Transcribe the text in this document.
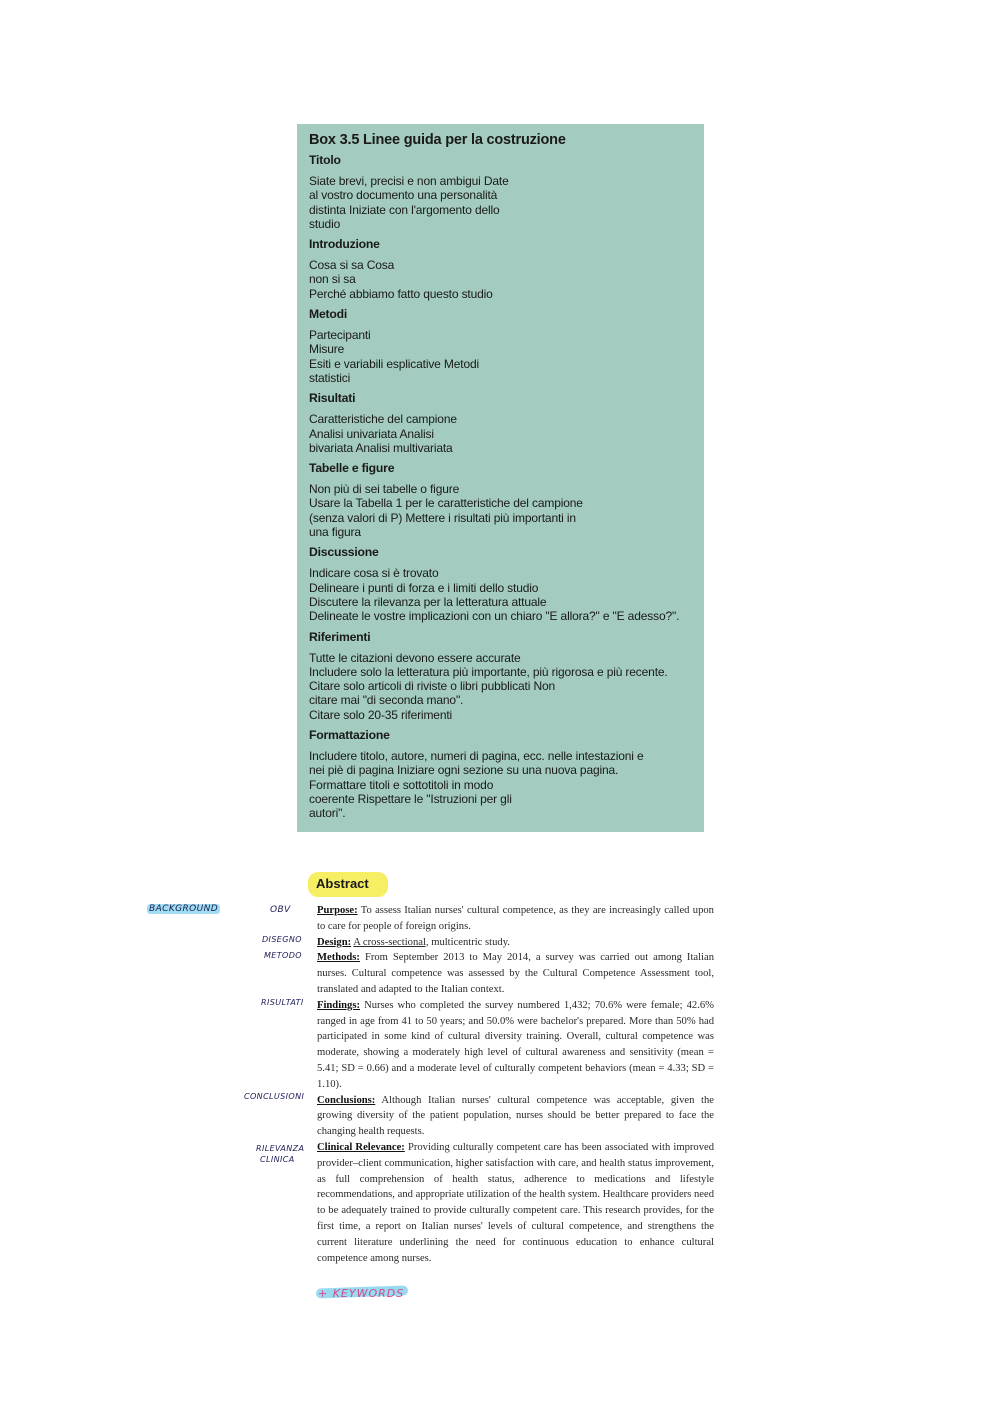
Box 3.5 Linee guida per la costruzione
Titolo
Siate brevi, precisi e non ambigui Date
al vostro documento una personalità
distinta Iniziate con l'argomento dello
studio
Introduzione
Cosa si sa Cosa
non si sa
Perché abbiamo fatto questo studio
Metodi
Partecipanti
Misure
Esiti e variabili esplicative Metodi
statistici
Risultati
Caratteristiche del campione
Analisi univariata Analisi
bivariata Analisi multivariata
Tabelle e figure
Non più di sei tabelle o figure
Usare la Tabella 1 per le caratteristiche del campione
(senza valori di P) Mettere i risultati più importanti in
una figura
Discussione
Indicare cosa si è trovato
Delineare i punti di forza e i limiti dello studio
Discutere la rilevanza per la letteratura attuale
Delineate le vostre implicazioni con un chiaro "E allora?" e "E adesso?".
Riferimenti
Tutte le citazioni devono essere accurate
Includere solo la letteratura più importante, più rigorosa e più recente.
Citare solo articoli di riviste o libri pubblicati Non
citare mai "di seconda mano".
Citare solo 20-35 riferimenti
Formattazione
Includere titolo, autore, numeri di pagina, ecc. nelle intestazioni e
nei piè di pagina Iniziare ogni sezione su una nuova pagina.
Formattare titoli e sottotitoli in modo
coerente Rispettare le "Istruzioni per gli
autori".
Abstract

Purpose: To assess Italian nurses' cultural competence, as they are increasingly called upon to care for people of foreign origins.

Design: A cross-sectional, multicentric study.

Methods: From September 2013 to May 2014, a survey was carried out among Italian nurses. Cultural competence was assessed by the Cultural Competence Assessment tool, translated and adapted to the Italian context.

Findings: Nurses who completed the survey numbered 1,432; 70.6% were female; 42.6% ranged in age from 41 to 50 years; and 50.0% were bachelor's prepared. More than 50% had participated in some kind of cultural diversity training. Overall, cultural competence was moderate, showing a moderately high level of cultural awareness and sensitivity (mean = 5.41; SD = 0.66) and a moderate level of culturally competent behaviors (mean = 4.33; SD = 1.10).

Conclusions: Although Italian nurses' cultural competence was acceptable, given the growing diversity of the patient population, nurses should be better prepared to face the changing health requests.

Clinical Relevance: Providing culturally competent care has been associated with improved provider–client communication, higher satisfaction with care, and health status improvement, as full comprehension of health status, adherence to medications and lifestyle recommendations, and appropriate utilization of the health system. Healthcare providers need to be adequately trained to provide culturally competent care. This research provides, for the first time, a report on Italian nurses' levels of cultural competence, and strengthens the current literature underlining the need for continuous education to enhance cultural competence among nurses.

BACKGROUND	OBV
DISEGNO
METODO
RISULTATI
CONCLUSIONI
RILEVANZA
CLINICA
+ KEYWORDS
